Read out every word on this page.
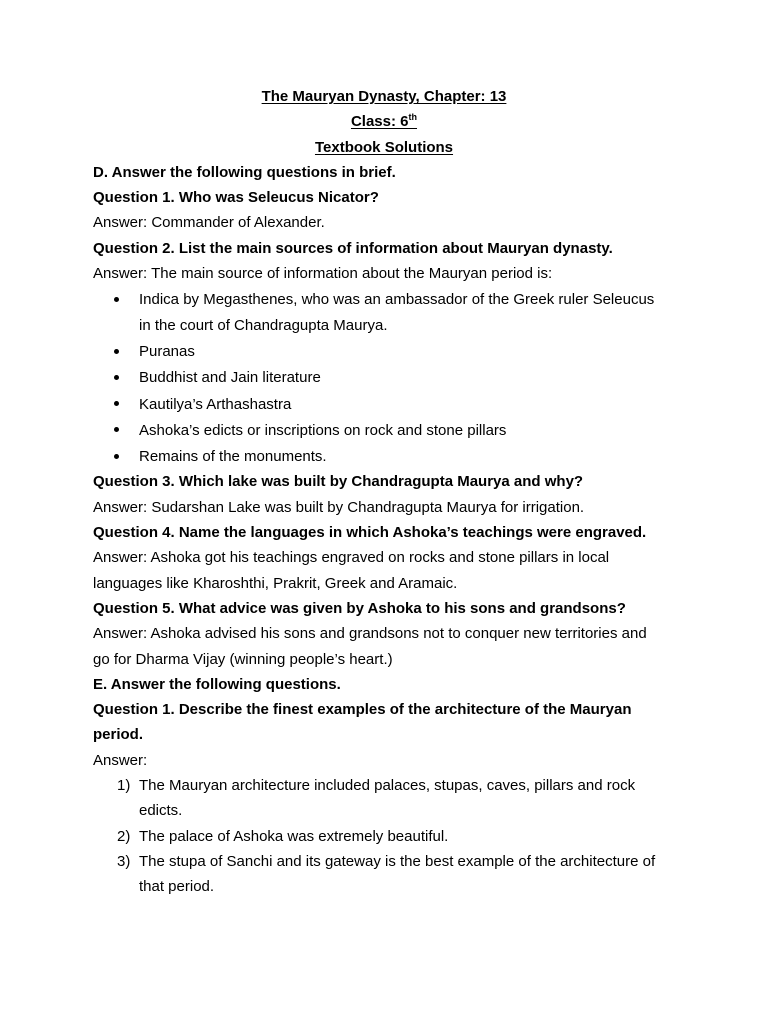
The Mauryan Dynasty, Chapter: 13
Class: 6th
Textbook Solutions
D. Answer the following questions in brief.
Question 1. Who was Seleucus Nicator?
Answer: Commander of Alexander.
Question 2. List the main sources of information about Mauryan dynasty.
Answer: The main source of information about the Mauryan period is:
Indica by Megasthenes, who was an ambassador of the Greek ruler Seleucus
in the court of Chandragupta Maurya.
Puranas
Buddhist and Jain literature
Kautilya’s Arthashastra
Ashoka’s edicts or inscriptions on rock and stone pillars
Remains of the monuments.
Question 3. Which lake was built by Chandragupta Maurya and why?
Answer: Sudarshan Lake was built by Chandragupta Maurya for irrigation.
Question 4. Name the languages in which Ashoka’s teachings were engraved.
Answer: Ashoka got his teachings engraved on rocks and stone pillars in local
languages like Kharoshthi, Prakrit, Greek and Aramaic.
Question 5. What advice was given by Ashoka to his sons and grandsons?
Answer: Ashoka advised his sons and grandsons not to conquer new territories and
go for Dharma Vijay (winning people’s heart.)
E. Answer the following questions.
Question 1. Describe the finest examples of the architecture of the Mauryan
period.
Answer:
1) The Mauryan architecture included palaces, stupas, caves, pillars and rock
edicts.
2) The palace of Ashoka was extremely beautiful.
3) The stupa of Sanchi and its gateway is the best example of the architecture of
that period.
